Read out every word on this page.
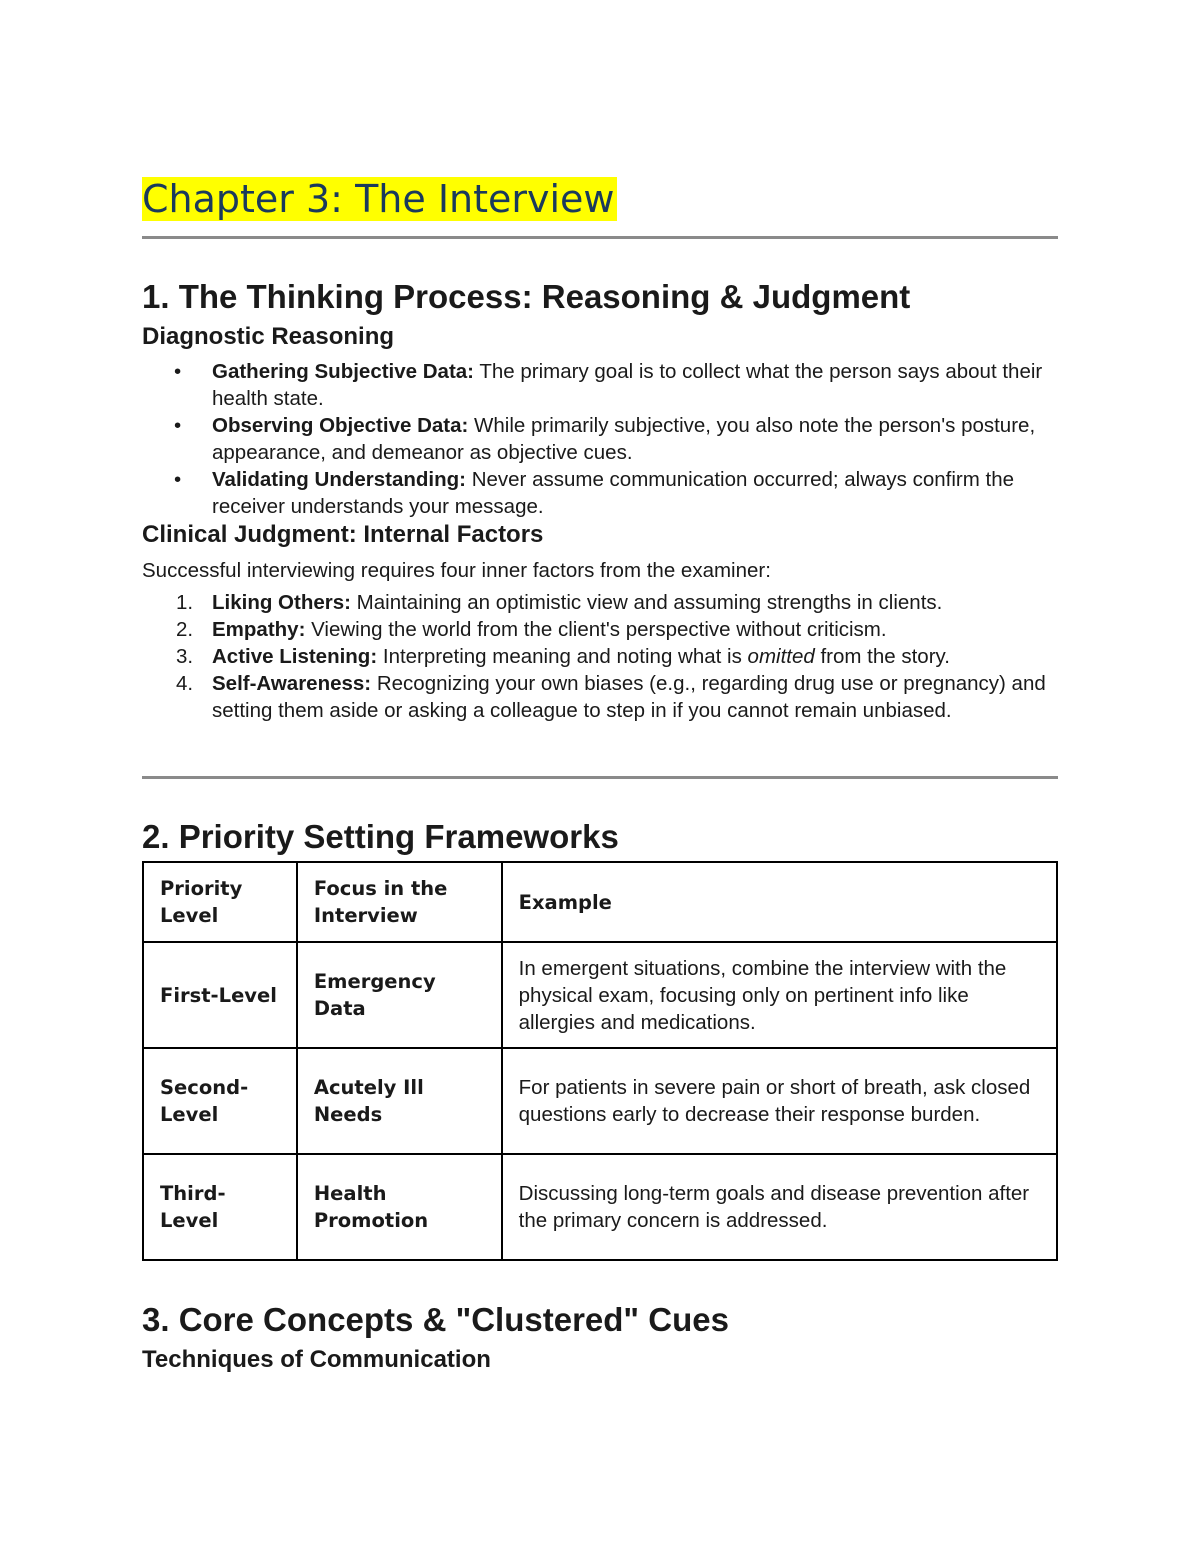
Chapter 3: The Interview
1. The Thinking Process: Reasoning & Judgment
Diagnostic Reasoning
• Gathering Subjective Data: The primary goal is to collect what the person says about their health state.
• Observing Objective Data: While primarily subjective, you also note the person's posture, appearance, and demeanor as objective cues.
• Validating Understanding: Never assume communication occurred; always confirm the receiver understands your message.
Clinical Judgment: Internal Factors

Successful interviewing requires four inner factors from the examiner:

1. Liking Others: Maintaining an optimistic view and assuming strengths in clients.
2. Empathy: Viewing the world from the client's perspective without criticism.
3. Active Listening: Interpreting meaning and noting what is omitted from the story.
4. Self-Awareness: Recognizing your own biases (e.g., regarding drug use or pregnancy) and setting them aside or asking a colleague to step in if you cannot remain unbiased.
2. Priority Setting Frameworks
Priority Level	Focus in the Interview	Example
First-Level	Emergency Data	In emergent situations, combine the interview with the physical exam, focusing only on pertinent info like allergies and medications.
Second-Level	Acutely Ill Needs	For patients in severe pain or short of breath, ask closed questions early to decrease their response burden.
Third-Level	Health Promotion	Discussing long-term goals and disease prevention after the primary concern is addressed.
3. Core Concepts & "Clustered" Cues
Techniques of Communication
